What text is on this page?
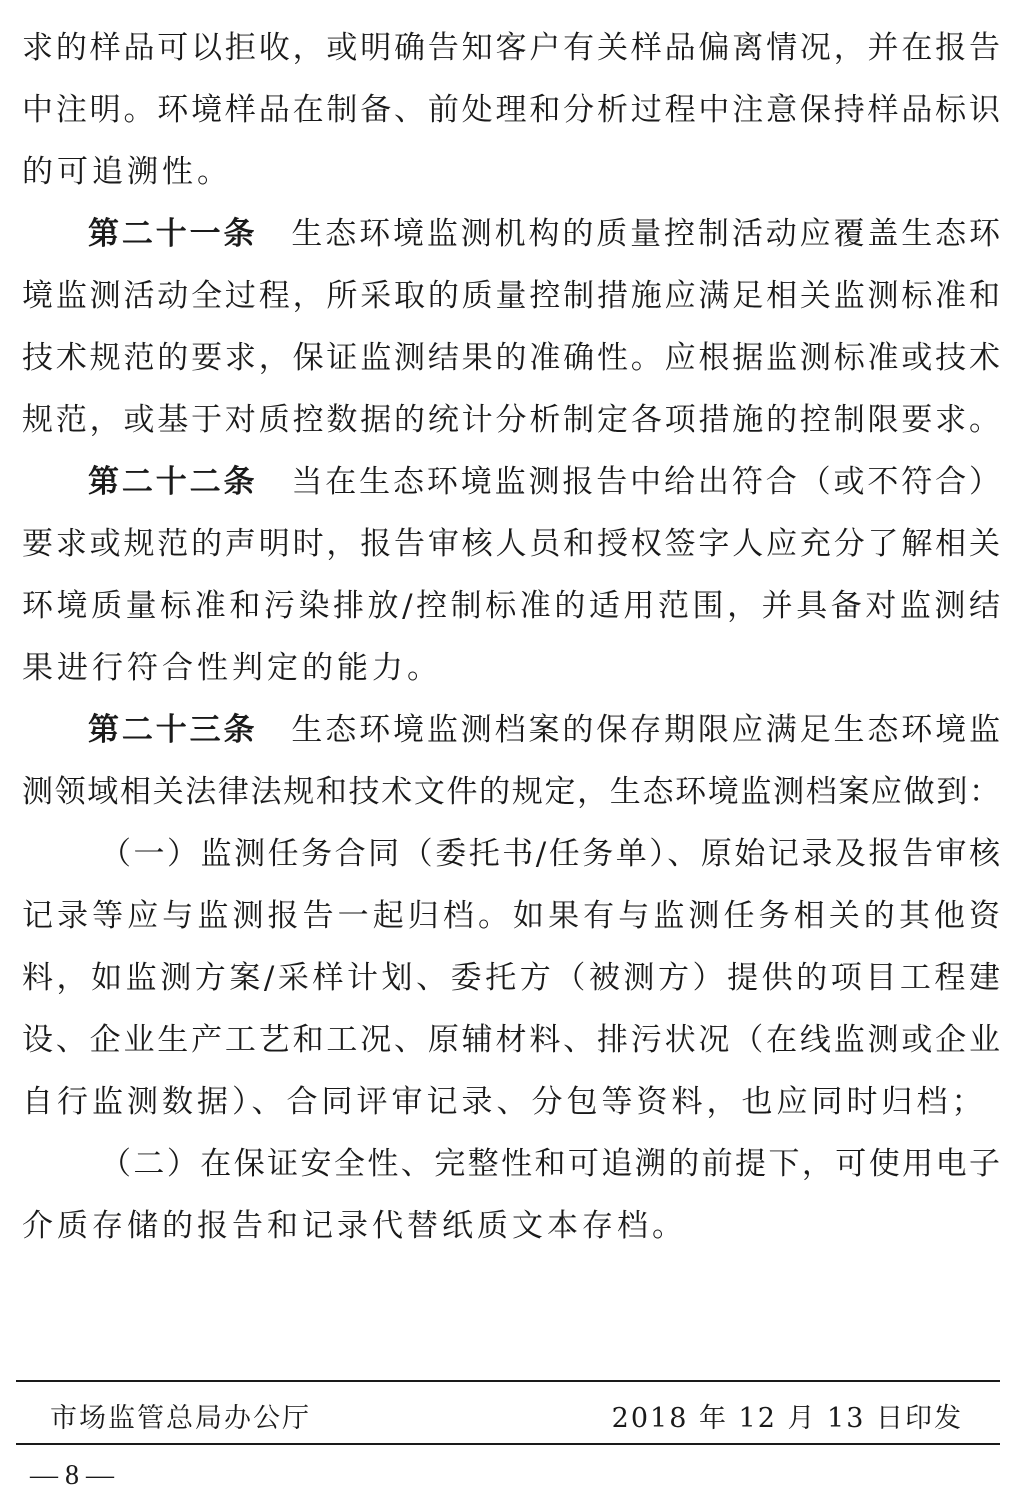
求的样品可以拒收，或明确告知客户有关样品偏离情况，并在报告
中注明。环境样品在制备、前处理和分析过程中注意保持样品标识
的可追溯性。
第二十一条  生态环境监测机构的质量控制活动应覆盖生态环
境监测活动全过程，所采取的质量控制措施应满足相关监测标准和
技术规范的要求，保证监测结果的准确性。应根据监测标准或技术
规范，或基于对质控数据的统计分析制定各项措施的控制限要求。
第二十二条  当在生态环境监测报告中给出符合（或不符合）
要求或规范的声明时，报告审核人员和授权签字人应充分了解相关
环境质量标准和污染排放/控制标准的适用范围，并具备对监测结
果进行符合性判定的能力。
第二十三条  生态环境监测档案的保存期限应满足生态环境监
测领域相关法律法规和技术文件的规定，生态环境监测档案应做到：
（一）监测任务合同（委托书/任务单）、原始记录及报告审核
记录等应与监测报告一起归档。如果有与监测任务相关的其他资
料，如监测方案/采样计划、委托方（被测方）提供的项目工程建
设、企业生产工艺和工况、原辅材料、排污状况（在线监测或企业
自行监测数据）、合同评审记录、分包等资料，也应同时归档；
（二）在保证安全性、完整性和可追溯的前提下，可使用电子
介质存储的报告和记录代替纸质文本存档。
市场监管总局办公厅	2018 年 12 月 13 日印发
— 8 —
